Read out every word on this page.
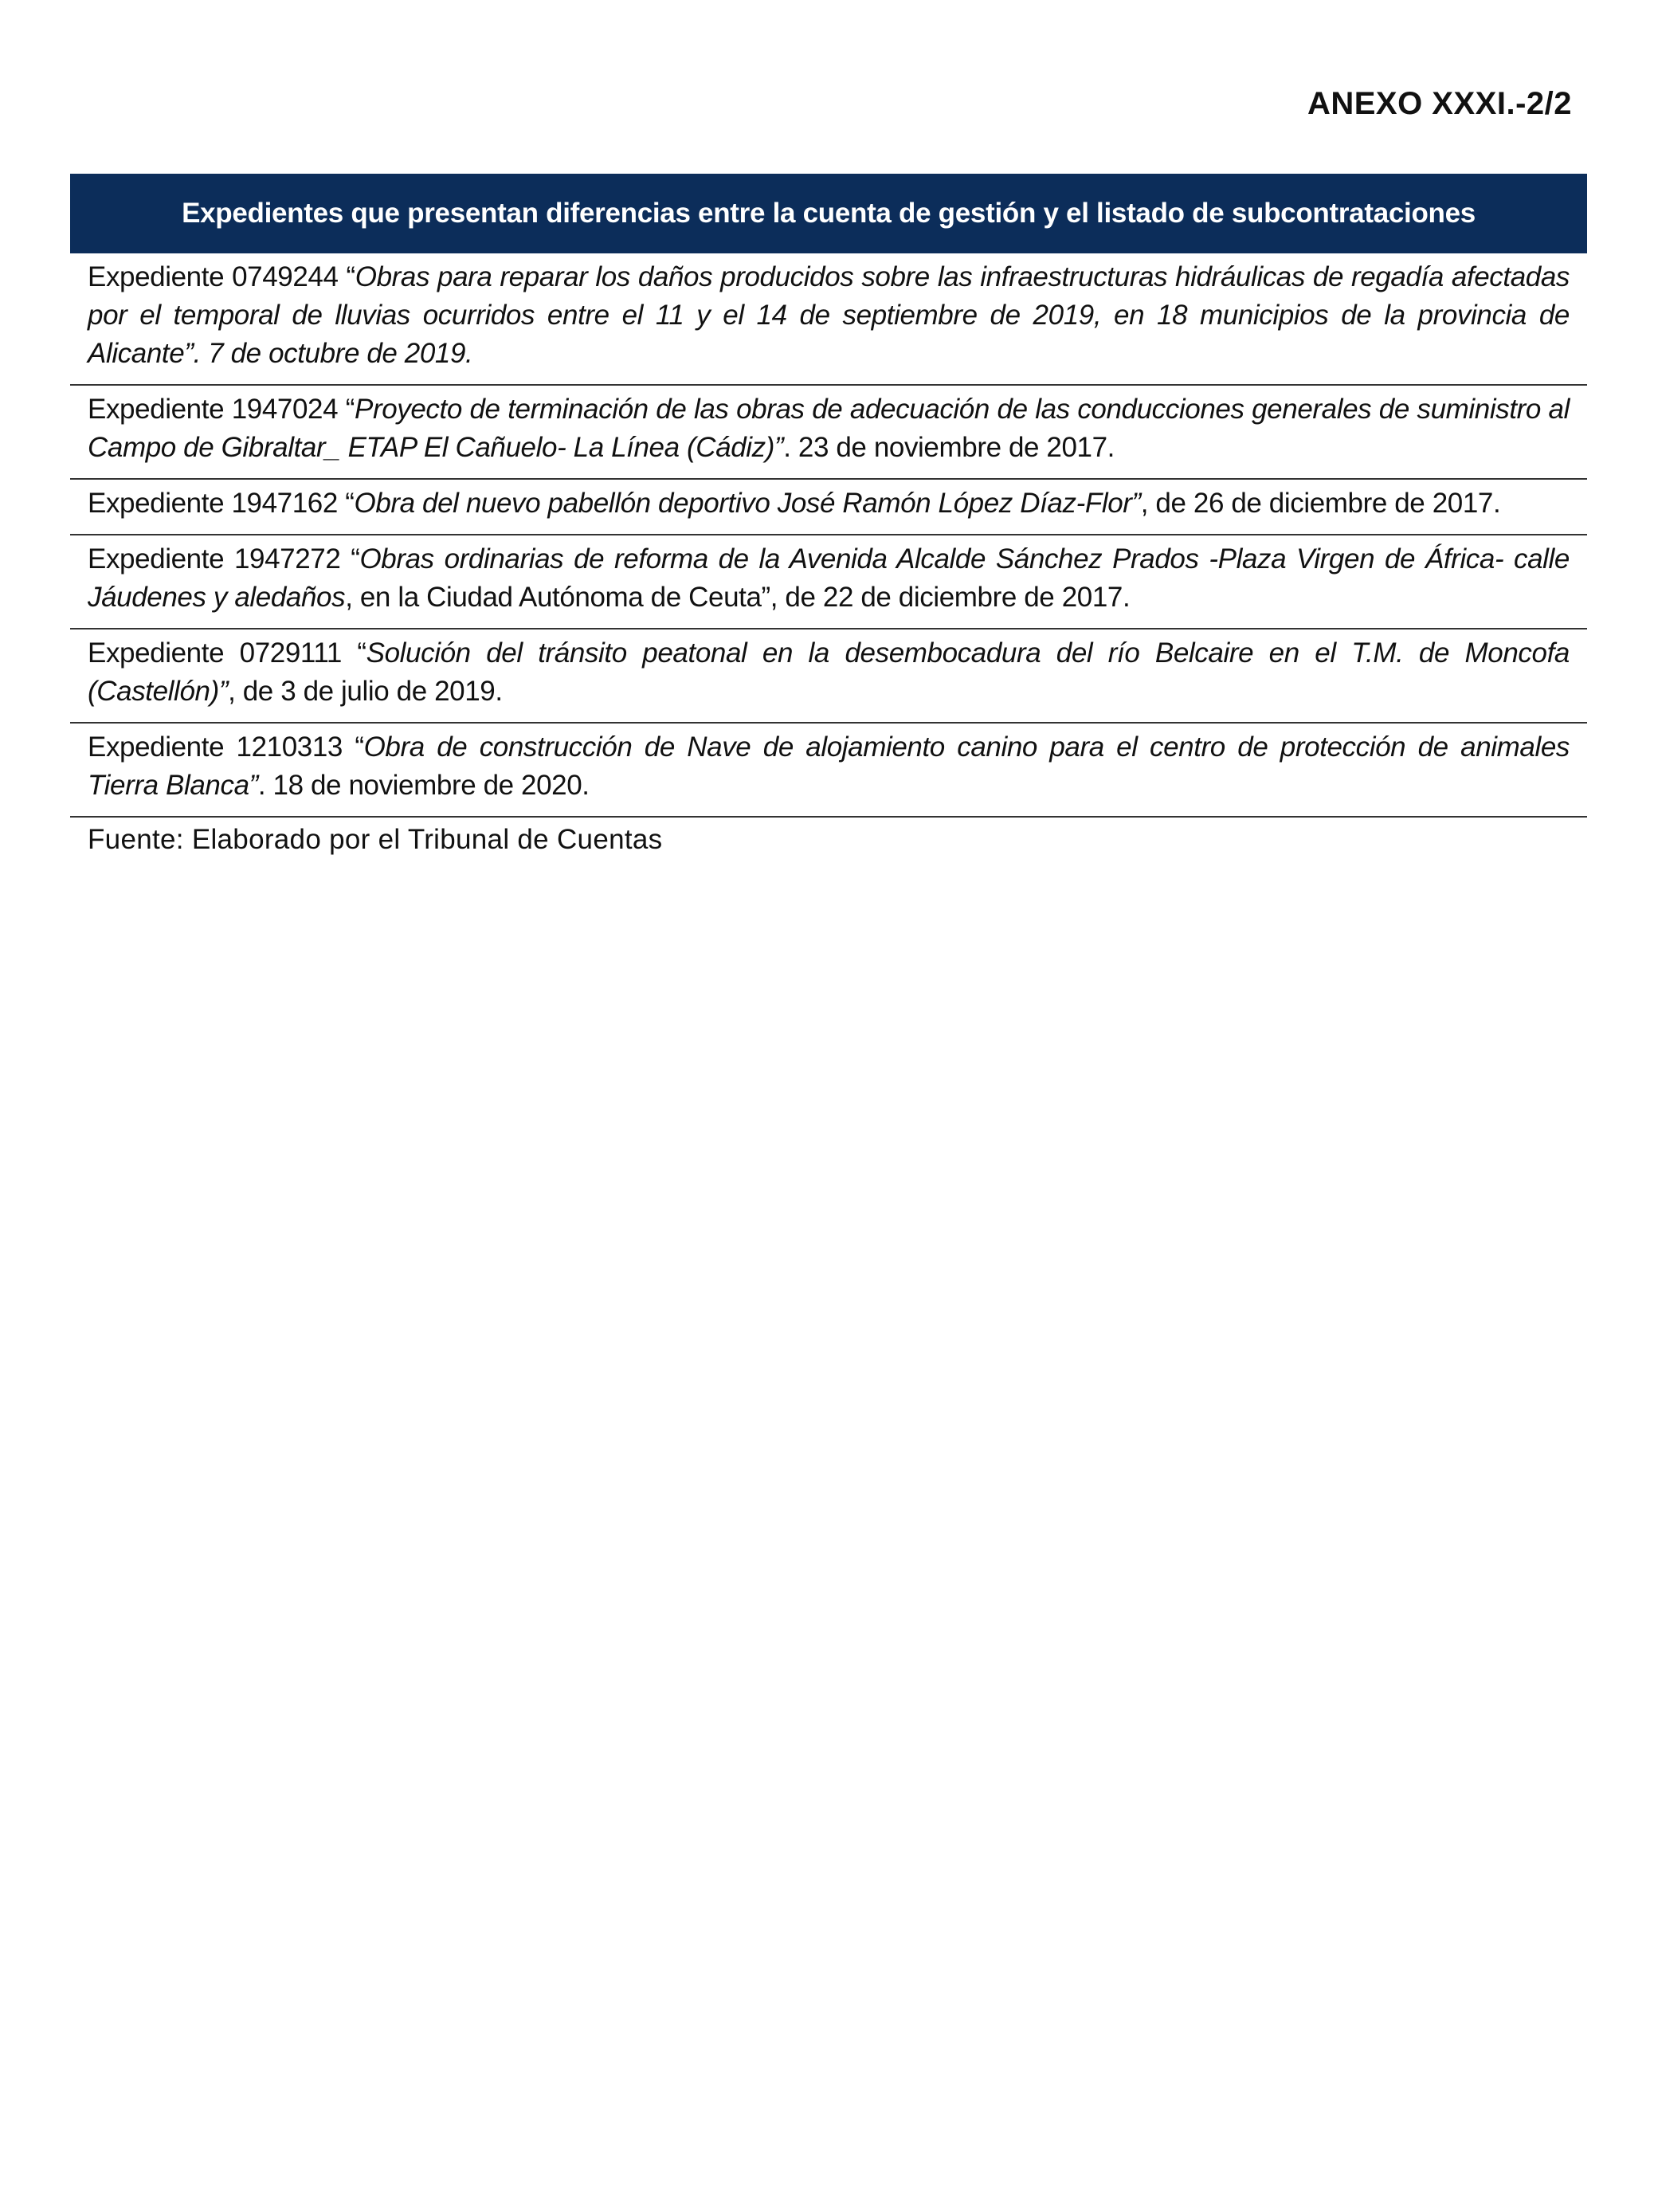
ANEXO XXXI.-2/2
Expedientes que presentan diferencias entre la cuenta de gestión y el listado de subcontrataciones
Expediente 0749244 “Obras para reparar los daños producidos sobre las infraestructuras hidráulicas de regadía afectadas por el temporal de lluvias ocurridos entre el 11 y el 14 de septiembre de 2019, en 18 municipios de la provincia de Alicante”. 7 de octubre de 2019.
Expediente 1947024 “Proyecto de terminación de las obras de adecuación de las conducciones generales de suministro al Campo de Gibraltar_ ETAP El Cañuelo- La Línea (Cádiz)”. 23 de noviembre de 2017.
Expediente 1947162 “Obra del nuevo pabellón deportivo José Ramón López Díaz-Flor”, de 26 de diciembre de 2017.
Expediente 1947272 “Obras ordinarias de reforma de la Avenida Alcalde Sánchez Prados -Plaza Virgen de África- calle Jáudenes y aledaños, en la Ciudad Autónoma de Ceuta”, de 22 de diciembre de 2017.
Expediente 0729111 “Solución del tránsito peatonal en la desembocadura del río Belcaire en el T.M. de Moncofa (Castellón)”, de 3 de julio de 2019.
Expediente 1210313 “Obra de construcción de Nave de alojamiento canino para el centro de protección de animales Tierra Blanca”. 18 de noviembre de 2020.
Fuente: Elaborado por el Tribunal de Cuentas
